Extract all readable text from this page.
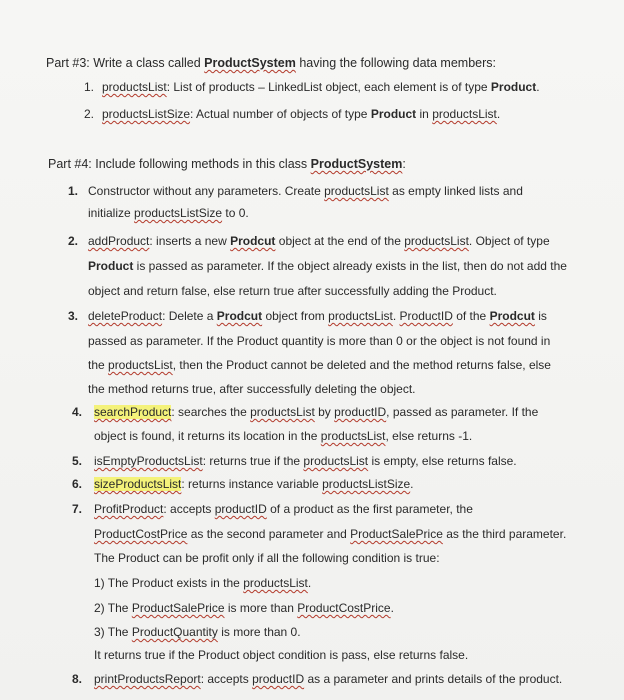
Part #3: Write a class called ProductSystem having the following data members:
1. productsList: List of products – LinkedList object, each element is of type Product.
2. productsListSize: Actual number of objects of type Product in productsList.
Part #4: Include following methods in this class ProductSystem:
1. Constructor without any parameters. Create productsList as empty linked lists and
initialize productsListSize to 0.
2. addProduct: inserts a new Prodcut object at the end of the productsList. Object of type
Product is passed as parameter. If the object already exists in the list, then do not add the
object and return false, else return true after successfully adding the Product.
3. deleteProduct: Delete a Prodcut object from productsList. ProductID of the Prodcut is
passed as parameter. If the Product quantity is more than 0 or the object is not found in
the productsList, then the Product cannot be deleted and the method returns false, else
the method returns true, after successfully deleting the object.
4. searchProduct: searches the productsList by productID, passed as parameter. If the
object is found, it returns its location in the productsList, else returns -1.
5. isEmptyProductsList: returns true if the productsList is empty, else returns false.
6. sizeProductsList: returns instance variable productsListSize.
7. ProfitProduct: accepts productID of a product as the first parameter, the
ProductCostPrice as the second parameter and ProductSalePrice as the third parameter.
The Product can be profit only if all the following condition is true:
1) The Product exists in the productsList.
2) The ProductSalePrice is more than ProductCostPrice.
3) The ProductQuantity is more than 0.
It returns true if the Product object condition is pass, else returns false.
8. printProductsReport: accepts productID as a parameter and prints details of the product.
